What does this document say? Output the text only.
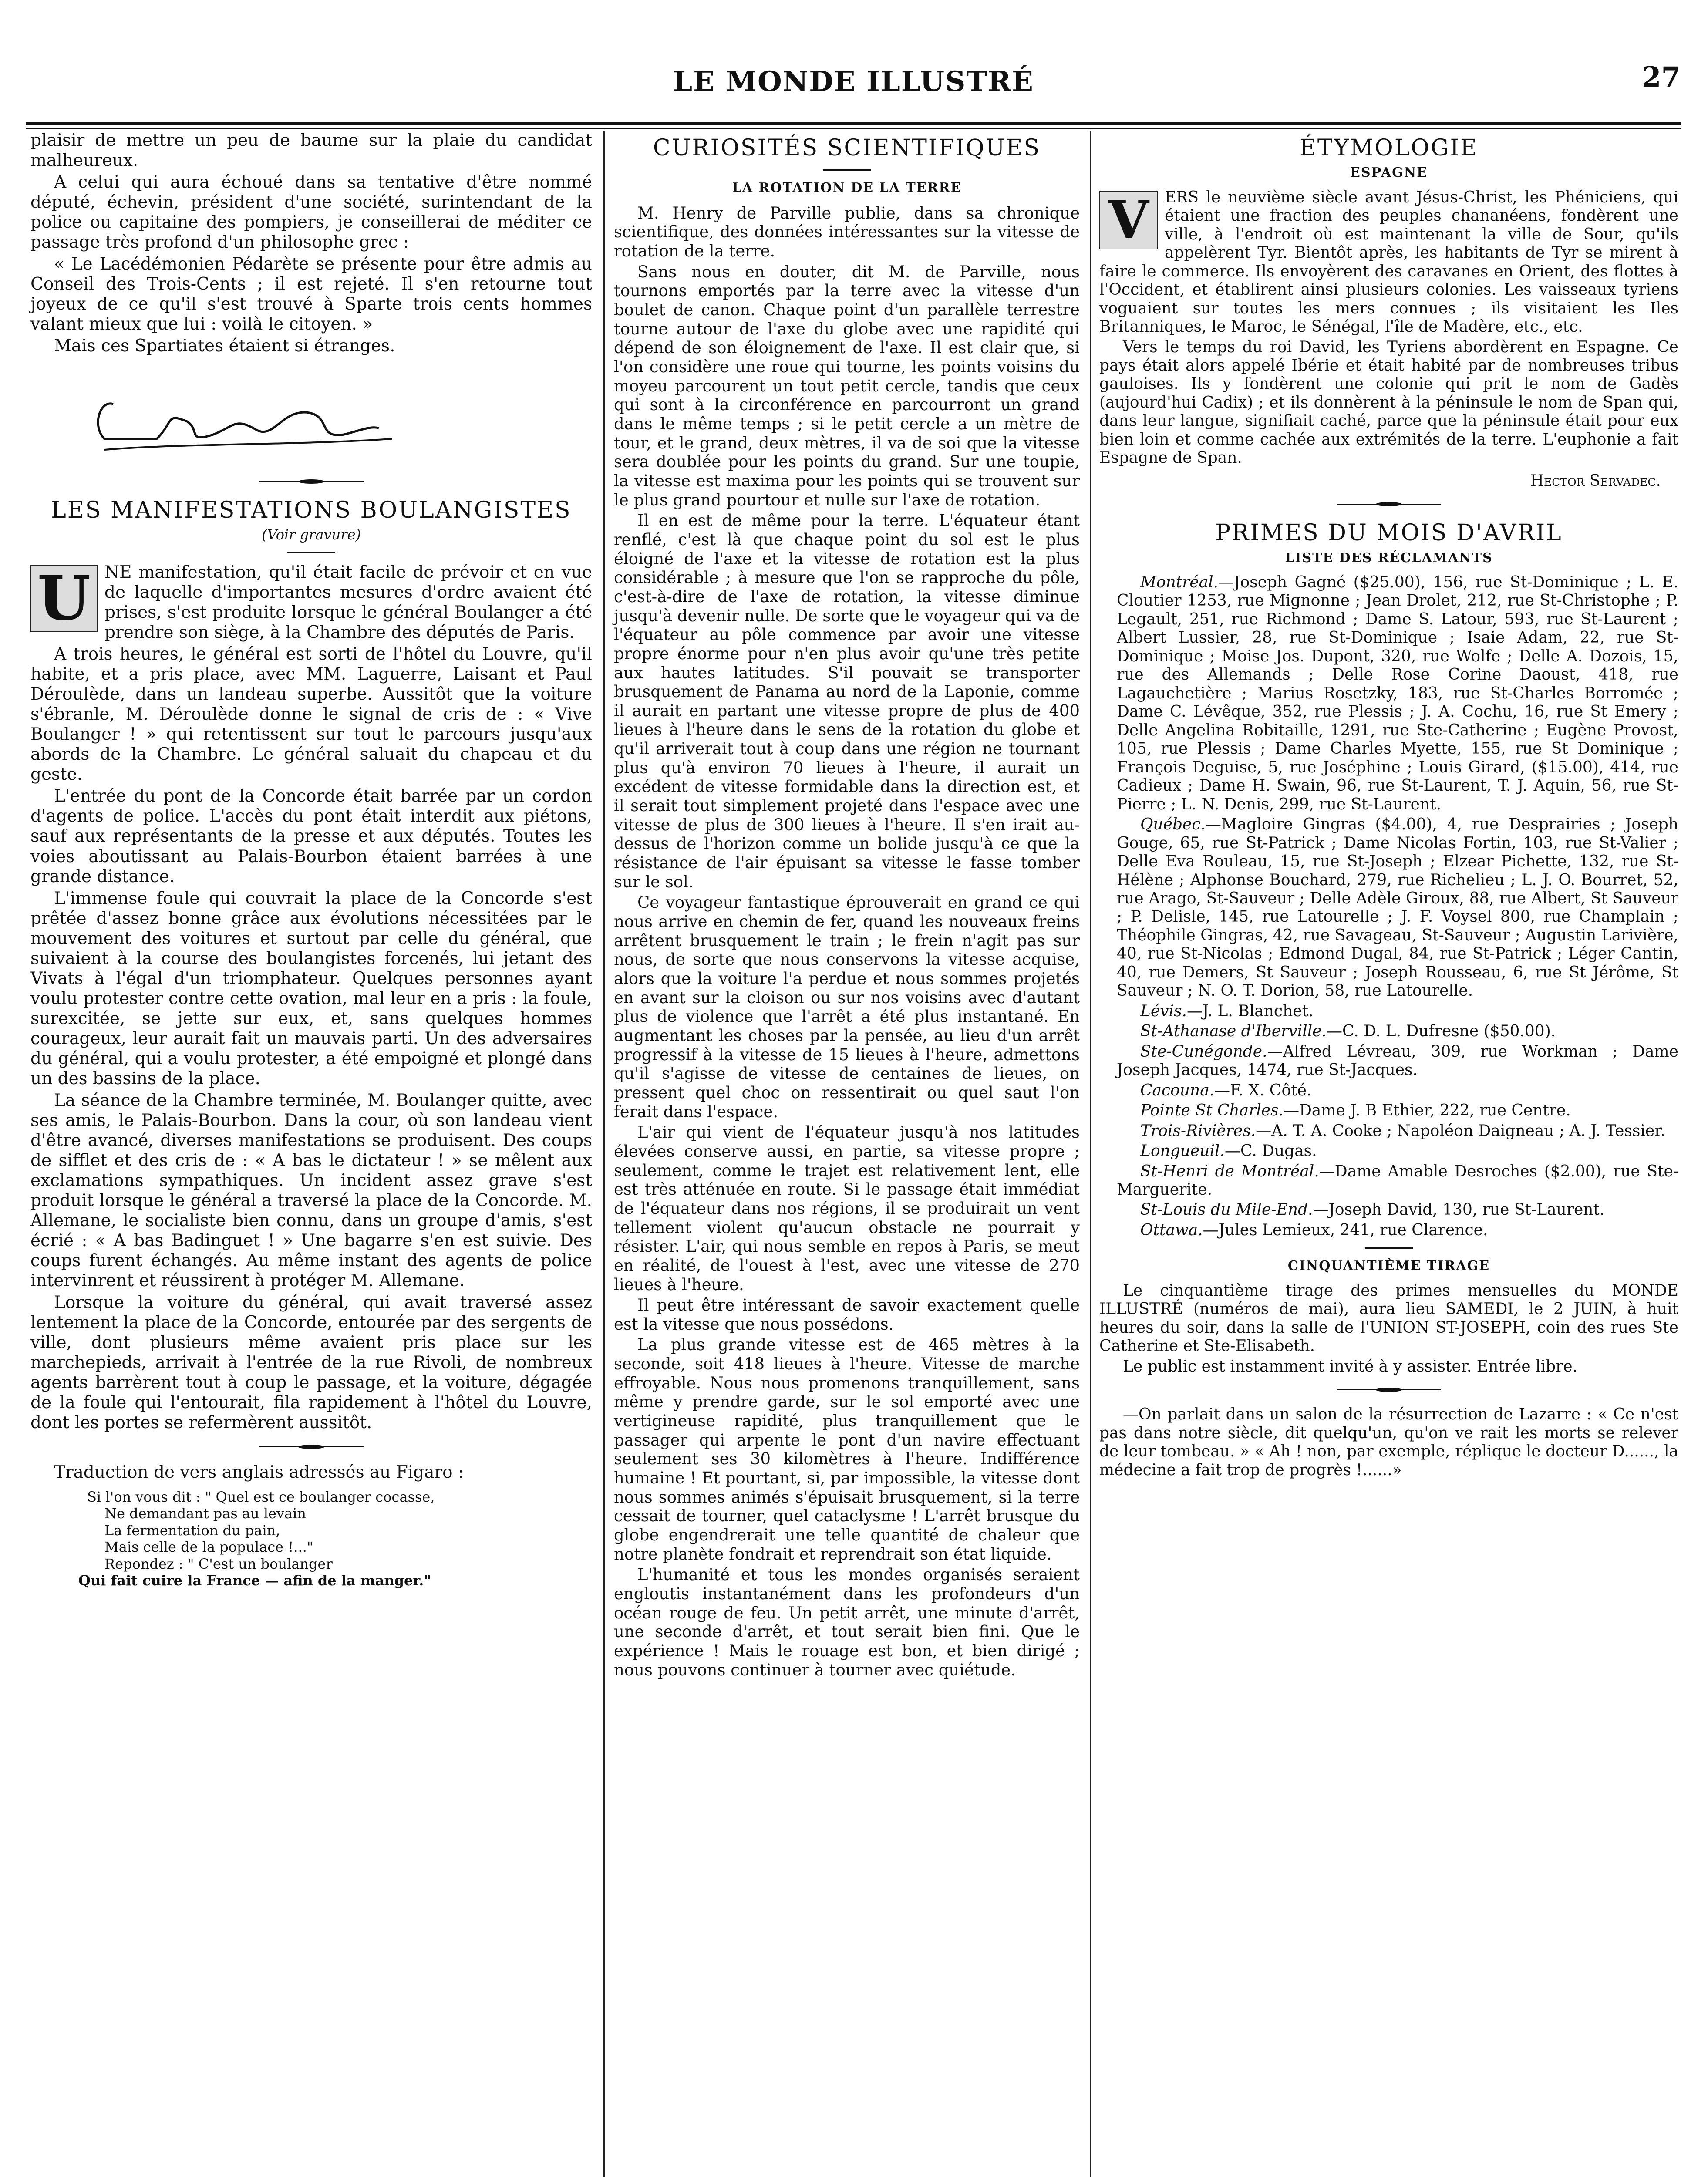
LE MONDE ILLUSTRÉ	27

plaisir de mettre un peu de baume sur la plaie du candidat malheureux.

A celui qui aura échoué dans sa tentative d'être nommé député, échevin, président d'une société, surintendant de la police ou capitaine des pompiers, je conseillerai de méditer ce passage très profond d'un philosophe grec :

« Le Lacédémonien Pédarète se présente pour être admis au Conseil des Trois-Cents ; il est rejeté. Il s'en retourne tout joyeux de ce qu'il s'est trouvé à Sparte trois cents hommes valant mieux que lui : voilà le citoyen. »

Mais ces Spartiates étaient si étranges.

LES MANIFESTATIONS BOULANGISTES
(Voir gravure)
U NE manifestation, qu'il était facile de prévoir et en vue de laquelle d'importantes mesures d'ordre avaient été prises, s'est produite lorsque le général Boulanger a été prendre son siège, à la Chambre des députés de Paris.

A trois heures, le général est sorti de l'hôtel du Louvre, qu'il habite, et a pris place, avec MM. Laguerre, Laisant et Paul Déroulède, dans un landeau superbe. Aussitôt que la voiture s'ébranle, M. Déroulède donne le signal de cris de : « Vive Boulanger ! » qui retentissent sur tout le parcours jusqu'aux abords de la Chambre. Le général saluait du chapeau et du geste.

L'entrée du pont de la Concorde était barrée par un cordon d'agents de police. L'accès du pont était interdit aux piétons, sauf aux représentants de la presse et aux députés. Toutes les voies aboutissant au Palais-Bourbon étaient barrées à une grande distance.

L'immense foule qui couvrait la place de la Concorde s'est prêtée d'assez bonne grâce aux évolutions nécessitées par le mouvement des voitures et surtout par celle du général, que suivaient à la course des boulangistes forcenés, lui jetant des Vivats à l'égal d'un triomphateur. Quelques personnes ayant voulu protester contre cette ovation, mal leur en a pris : la foule, surexcitée, se jette sur eux, et, sans quelques hommes courageux, leur aurait fait un mauvais parti. Un des adversaires du général, qui a voulu protester, a été empoigné et plongé dans un des bassins de la place.

La séance de la Chambre terminée, M. Boulanger quitte, avec ses amis, le Palais-Bourbon. Dans la cour, où son landeau vient d'être avancé, diverses manifestations se produisent. Des coups de sifflet et des cris de : « A bas le dictateur ! » se mêlent aux exclamations sympathiques. Un incident assez grave s'est produit lorsque le général a traversé la place de la Concorde. M. Allemane, le socialiste bien connu, dans un groupe d'amis, s'est écrié : « A bas Badinguet ! » Une bagarre s'en est suivie. Des coups furent échangés. Au même instant des agents de police intervinrent et réussirent à protéger M. Allemane.

Lorsque la voiture du général, qui avait traversé assez lentement la place de la Concorde, entourée par des sergents de ville, dont plusieurs même avaient pris place sur les marchepieds, arrivait à l'entrée de la rue Rivoli, de nombreux agents barrèrent tout à coup le passage, et la voiture, dégagée de la foule qui l'entourait, fila rapidement à l'hôtel du Louvre, dont les portes se refermèrent aussitôt.

Traduction de vers anglais adressés au Figaro :

Si l'on vous dit : " Quel est ce boulanger cocasse,
Ne demandant pas au levain
La fermentation du pain,
Mais celle de la populace !..."
Repondez : " C'est un boulanger
Qui fait cuire la France — afin de la manger."
CURIOSITÉS SCIENTIFIQUES
LA ROTATION DE LA TERRE

M. Henry de Parville publie, dans sa chronique scientifique, des données intéressantes sur la vitesse de rotation de la terre.

Sans nous en douter, dit M. de Parville, nous tournons emportés par la terre avec la vitesse d'un boulet de canon. Chaque point d'un parallèle terrestre tourne autour de l'axe du globe avec une rapidité qui dépend de son éloignement de l'axe. Il est clair que, si l'on considère une roue qui tourne, les points voisins du moyeu parcourent un tout petit cercle, tandis que ceux qui sont à la circonférence en parcourront un grand dans le même temps ; si le petit cercle a un mètre de tour, et le grand, deux mètres, il va de soi que la vitesse sera doublée pour les points du grand. Sur une toupie, la vitesse est maxima pour les points qui se trouvent sur le plus grand pourtour et nulle sur l'axe de rotation.

Il en est de même pour la terre. L'équateur étant renflé, c'est là que chaque point du sol est le plus éloigné de l'axe et la vitesse de rotation est la plus considérable ; à mesure que l'on se rapproche du pôle, c'est-à-dire de l'axe de rotation, la vitesse diminue jusqu'à devenir nulle. De sorte que le voyageur qui va de l'équateur au pôle commence par avoir une vitesse propre énorme pour n'en plus avoir qu'une très petite aux hautes latitudes. S'il pouvait se transporter brusquement de Panama au nord de la Laponie, comme il aurait en partant une vitesse propre de plus de 400 lieues à l'heure dans le sens de la rotation du globe et qu'il arriverait tout à coup dans une région ne tournant plus qu'à environ 70 lieues à l'heure, il aurait un excédent de vitesse formidable dans la direction est, et il serait tout simplement projeté dans l'espace avec une vitesse de plus de 300 lieues à l'heure. Il s'en irait au-dessus de l'horizon comme un bolide jusqu'à ce que la résistance de l'air épuisant sa vitesse le fasse tomber sur le sol.

Ce voyageur fantastique éprouverait en grand ce qui nous arrive en chemin de fer, quand les nouveaux freins arrêtent brusquement le train ; le frein n'agit pas sur nous, de sorte que nous conservons la vitesse acquise, alors que la voiture l'a perdue et nous sommes projetés en avant sur la cloison ou sur nos voisins avec d'autant plus de violence que l'arrêt a été plus instantané. En augmentant les choses par la pensée, au lieu d'un arrêt progressif à la vitesse de 15 lieues à l'heure, admettons qu'il s'agisse de vitesse de centaines de lieues, on pressent quel choc on ressentirait ou quel saut l'on ferait dans l'espace.

L'air qui vient de l'équateur jusqu'à nos latitudes élevées conserve aussi, en partie, sa vitesse propre ; seulement, comme le trajet est relativement lent, elle est très atténuée en route. Si le passage était immédiat de l'équateur dans nos régions, il se produirait un vent tellement violent qu'aucun obstacle ne pourrait y résister. L'air, qui nous semble en repos à Paris, se meut en réalité, de l'ouest à l'est, avec une vitesse de 270 lieues à l'heure.

Il peut être intéressant de savoir exactement quelle est la vitesse que nous possédons.

La plus grande vitesse est de 465 mètres à la seconde, soit 418 lieues à l'heure. Vitesse de marche effroyable. Nous nous promenons tranquillement, sans même y prendre garde, sur le sol emporté avec une vertigineuse rapidité, plus tranquillement que le passager qui arpente le pont d'un navire effectuant seulement ses 30 kilomètres à l'heure. Indifférence humaine ! Et pourtant, si, par impossible, la vitesse dont nous sommes animés s'épuisait brusquement, si la terre cessait de tourner, quel cataclysme ! L'arrêt brusque du globe engendrerait une telle quantité de chaleur que notre planète fondrait et reprendrait son état liquide.

L'humanité et tous les mondes organisés seraient engloutis instantanément dans les profondeurs d'un océan rouge de feu. Un petit arrêt, une minute d'arrêt, une seconde d'arrêt, et tout serait bien fini. Que le expérience ! Mais le rouage est bon, et bien dirigé ; nous pouvons continuer à tourner avec quiétude.

ÉTYMOLOGIE
ESPAGNE
V	ERS le neuvième siècle avant Jésus-Christ, les Phéniciens, qui étaient une fraction des peuples chananéens, fondèrent une ville, à l'endroit où est maintenant la ville de Sour, qu'ils appelèrent Tyr. Bientôt après, les habitants de Tyr se mirent à faire le commerce. Ils envoyèrent des caravanes en Orient, des flottes à l'Occident, et établirent ainsi plusieurs colonies. Les vaisseaux tyriens voguaient sur toutes les mers connues ; ils visitaient les Iles Britanniques, le Maroc, le Sénégal, l'île de Madère, etc., etc.

Vers le temps du roi David, les Tyriens abordèrent en Espagne. Ce pays était alors appelé Ibérie et était habité par de nombreuses tribus gauloises. Ils y fondèrent une colonie qui prit le nom de Gadès (aujourd'hui Cadix) ; et ils donnèrent à la péninsule le nom de Span qui, dans leur langue, signifiait caché, parce que la péninsule était pour eux bien loin et comme cachée aux extrémités de la terre. L'euphonie a fait Espagne de Span.

Hector Servadec.
PRIMES DU MOIS D'AVRIL
LISTE DES RÉCLAMANTS

Montréal.—Joseph Gagné ($25.00), 156, rue St-Dominique ; L. E. Cloutier 1253, rue Mignonne ; Jean Drolet, 212, rue St-Christophe ; P. Legault, 251, rue Richmond ; Dame S. Latour, 593, rue St-Laurent ; Albert Lussier, 28, rue St-Dominique ; Isaie Adam, 22, rue St-Dominique ; Moise Jos. Dupont, 320, rue Wolfe ; Delle A. Dozois, 15, rue des Allemands ; Delle Rose Corine Daoust, 418, rue Lagauchetière ; Marius Rosetzky, 183, rue St-Charles Borromée ; Dame C. Lévêque, 352, rue Plessis ; J. A. Cochu, 16, rue St Emery ; Delle Angelina Robitaille, 1291, rue Ste-Catherine ; Eugène Provost, 105, rue Plessis ; Dame Charles Myette, 155, rue St Dominique ; François Deguise, 5, rue Joséphine ; Louis Girard, ($15.00), 414, rue Cadieux ; Dame H. Swain, 96, rue St-Laurent, T. J. Aquin, 56, rue St-Pierre ; L. N. Denis, 299, rue St-Laurent.

Québec.—Magloire Gingras ($4.00), 4, rue Desprairies ; Joseph Gouge, 65, rue St-Patrick ; Dame Nicolas Fortin, 103, rue St-Valier ; Delle Eva Rouleau, 15, rue St-Joseph ; Elzear Pichette, 132, rue St-Hélène ; Alphonse Bouchard, 279, rue Richelieu ; L. J. O. Bourret, 52, rue Arago, St-Sauveur ; Delle Adèle Giroux, 88, rue Albert, St Sauveur ; P. Delisle, 145, rue Latourelle ; J. F. Voysel 800, rue Champlain ; Théophile Gingras, 42, rue Savageau, St-Sauveur ; Augustin Larivière, 40, rue St-Nicolas ; Edmond Dugal, 84, rue St-Patrick ; Léger Cantin, 40, rue Demers, St Sauveur ; Joseph Rousseau, 6, rue St Jérôme, St Sauveur ; N. O. T. Dorion, 58, rue Latourelle.

Lévis.—J. L. Blanchet.

St-Athanase d'Iberville.—C. D. L. Dufresne ($50.00).

Ste-Cunégonde.—Alfred Lévreau, 309, rue Workman ; Dame Joseph Jacques, 1474, rue St-Jacques.

Cacouna.—F. X. Côté.

Pointe St Charles.—Dame J. B Ethier, 222, rue Centre.

Trois-Rivières.—A. T. A. Cooke ; Napoléon Daigneau ; A. J. Tessier.

Longueuil.—C. Dugas.

St-Henri de Montréal.—Dame Amable Desroches ($2.00), rue Ste-Marguerite.

St-Louis du Mile-End.—Joseph David, 130, rue St-Laurent.

Ottawa.—Jules Lemieux, 241, rue Clarence.

CINQUANTIÈME TIRAGE

Le cinquantième tirage des primes mensuelles du MONDE ILLUSTRÉ (numéros de mai), aura lieu SAMEDI, le 2 JUIN, à huit heures du soir, dans la salle de l'UNION ST-JOSEPH, coin des rues Ste Catherine et Ste-Elisabeth.

Le public est instamment invité à y assister. Entrée libre.

—On parlait dans un salon de la résurrection de Lazarre : « Ce n'est pas dans notre siècle, dit quelqu'un, qu'on ve rait les morts se relever de leur tombeau. » « Ah ! non, par exemple, réplique le docteur D......, la médecine a fait trop de progrès !......»
